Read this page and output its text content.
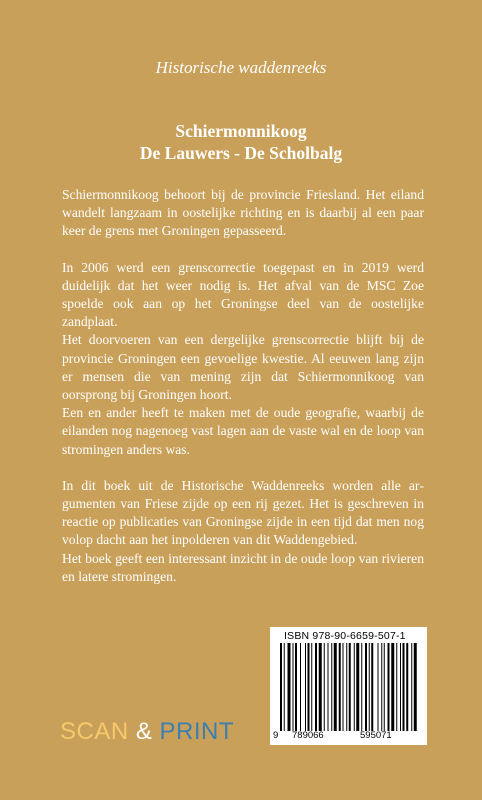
Historische waddenreeks
Schiermonnikoog
De Lauwers - De Scholbalg

Schiermonnikoog behoort bij de provincie Friesland. Het eiland wandelt langzaam in oostelijke richting en is daarbij al een paar keer de grens met Groningen gepasseerd.

In 2006 werd een grenscorrectie toegepast en in 2019 werd duidelijk dat het weer nodig is. Het afval van de MSC Zoe spoelde ook aan op het Groningse deel van de oostelijke zandplaat.

Het doorvoeren van een dergelijke grenscorrectie blijft bij de provincie Groningen een gevoelige kwestie. Al eeuwen lang zijn er mensen die van mening zijn dat Schiermonnikoog van oorsprong bij Groningen hoort.

Een en ander heeft te maken met de oude geografie, waarbij de eilanden nog nagenoeg vast lagen aan de vaste wal en de loop van stromingen anders was.

In dit boek uit de Historische Waddenreeks worden alle argumenten van Friese zijde op een rij gezet. Het is geschreven in reactie op publicaties van Groningse zijde in een tijd dat men nog volop dacht aan het inpolderen van dit Waddengebied.

Het boek geeft een interessant inzicht in de oude loop van rivieren en latere stromingen.

ISBN 978-90-6659-507-1
9 789066	595071
SCAN & PRINT
